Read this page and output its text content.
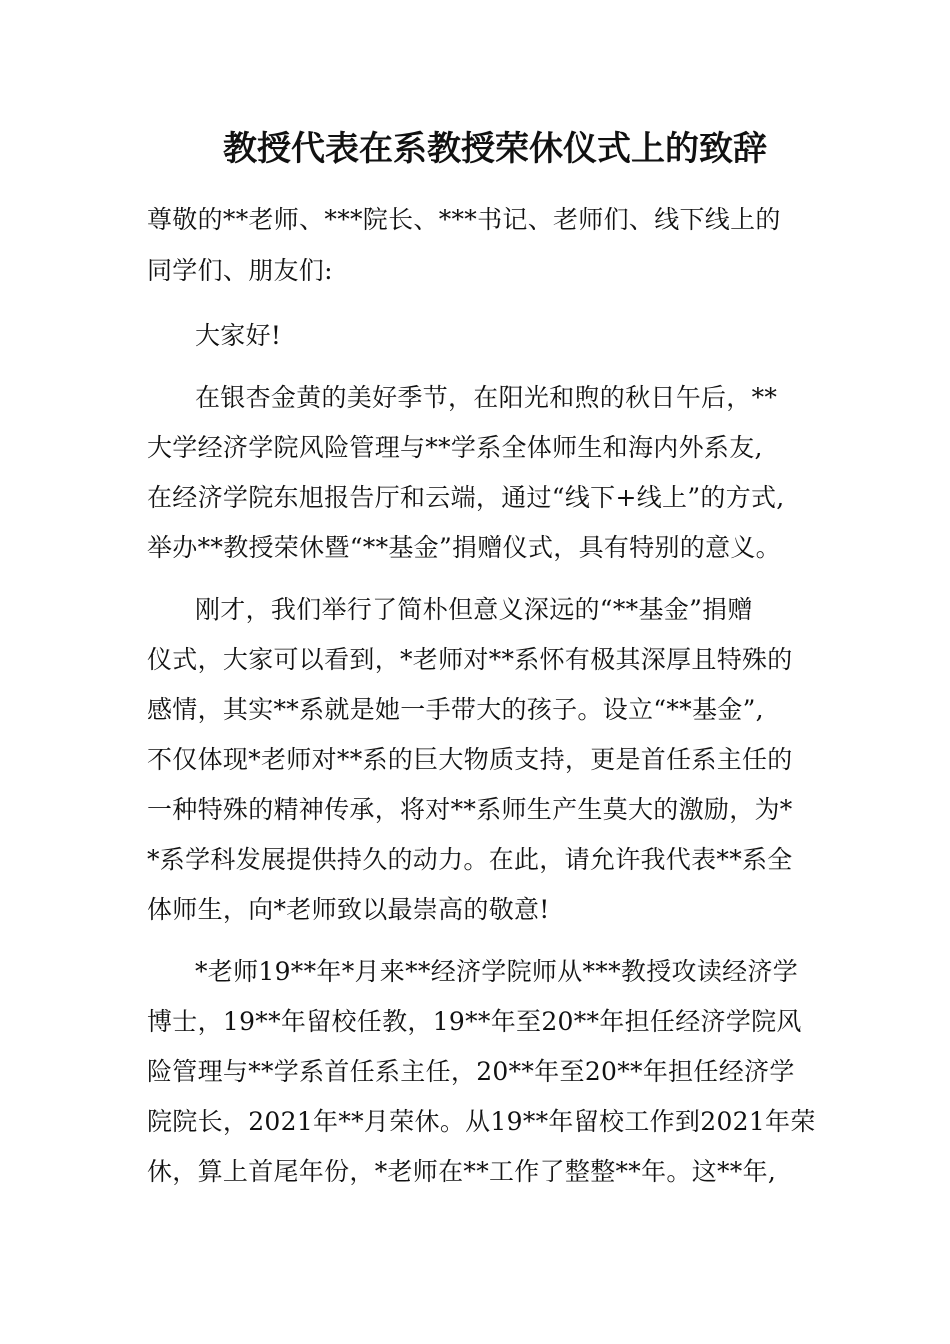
教授代表在系教授荣休仪式上的致辞
尊敬的**老师、***院长、***书记、老师们、线下线上的
同学们、朋友们:
大家好!
在银杏金黄的美好季节，在阳光和煦的秋日午后，**
大学经济学院风险管理与**学系全体师生和海内外系友,
在经济学院东旭报告厅和云端，通过“线下+线上”的方式,
举办**教授荣休暨“**基金”捐赠仪式，具有特别的意义。
刚才，我们举行了简朴但意义深远的“**基金”捐赠
仪式，大家可以看到，*老师对**系怀有极其深厚且特殊的
感情，其实**系就是她一手带大的孩子。设立“**基金”,
不仅体现*老师对**系的巨大物质支持，更是首任系主任的
一种特殊的精神传承，将对**系师生产生莫大的激励，为*
*系学科发展提供持久的动力。在此，请允许我代表**系全
体师生，向*老师致以最崇高的敬意!
*老师19**年*月来**经济学院师从***教授攻读经济学
博士，19**年留校任教，19**年至20**年担任经济学院风
险管理与**学系首任系主任，20**年至20**年担任经济学
院院长，2021年**月荣休。从19**年留校工作到2021年荣
休，算上首尾年份，*老师在**工作了整整**年。这**年,
